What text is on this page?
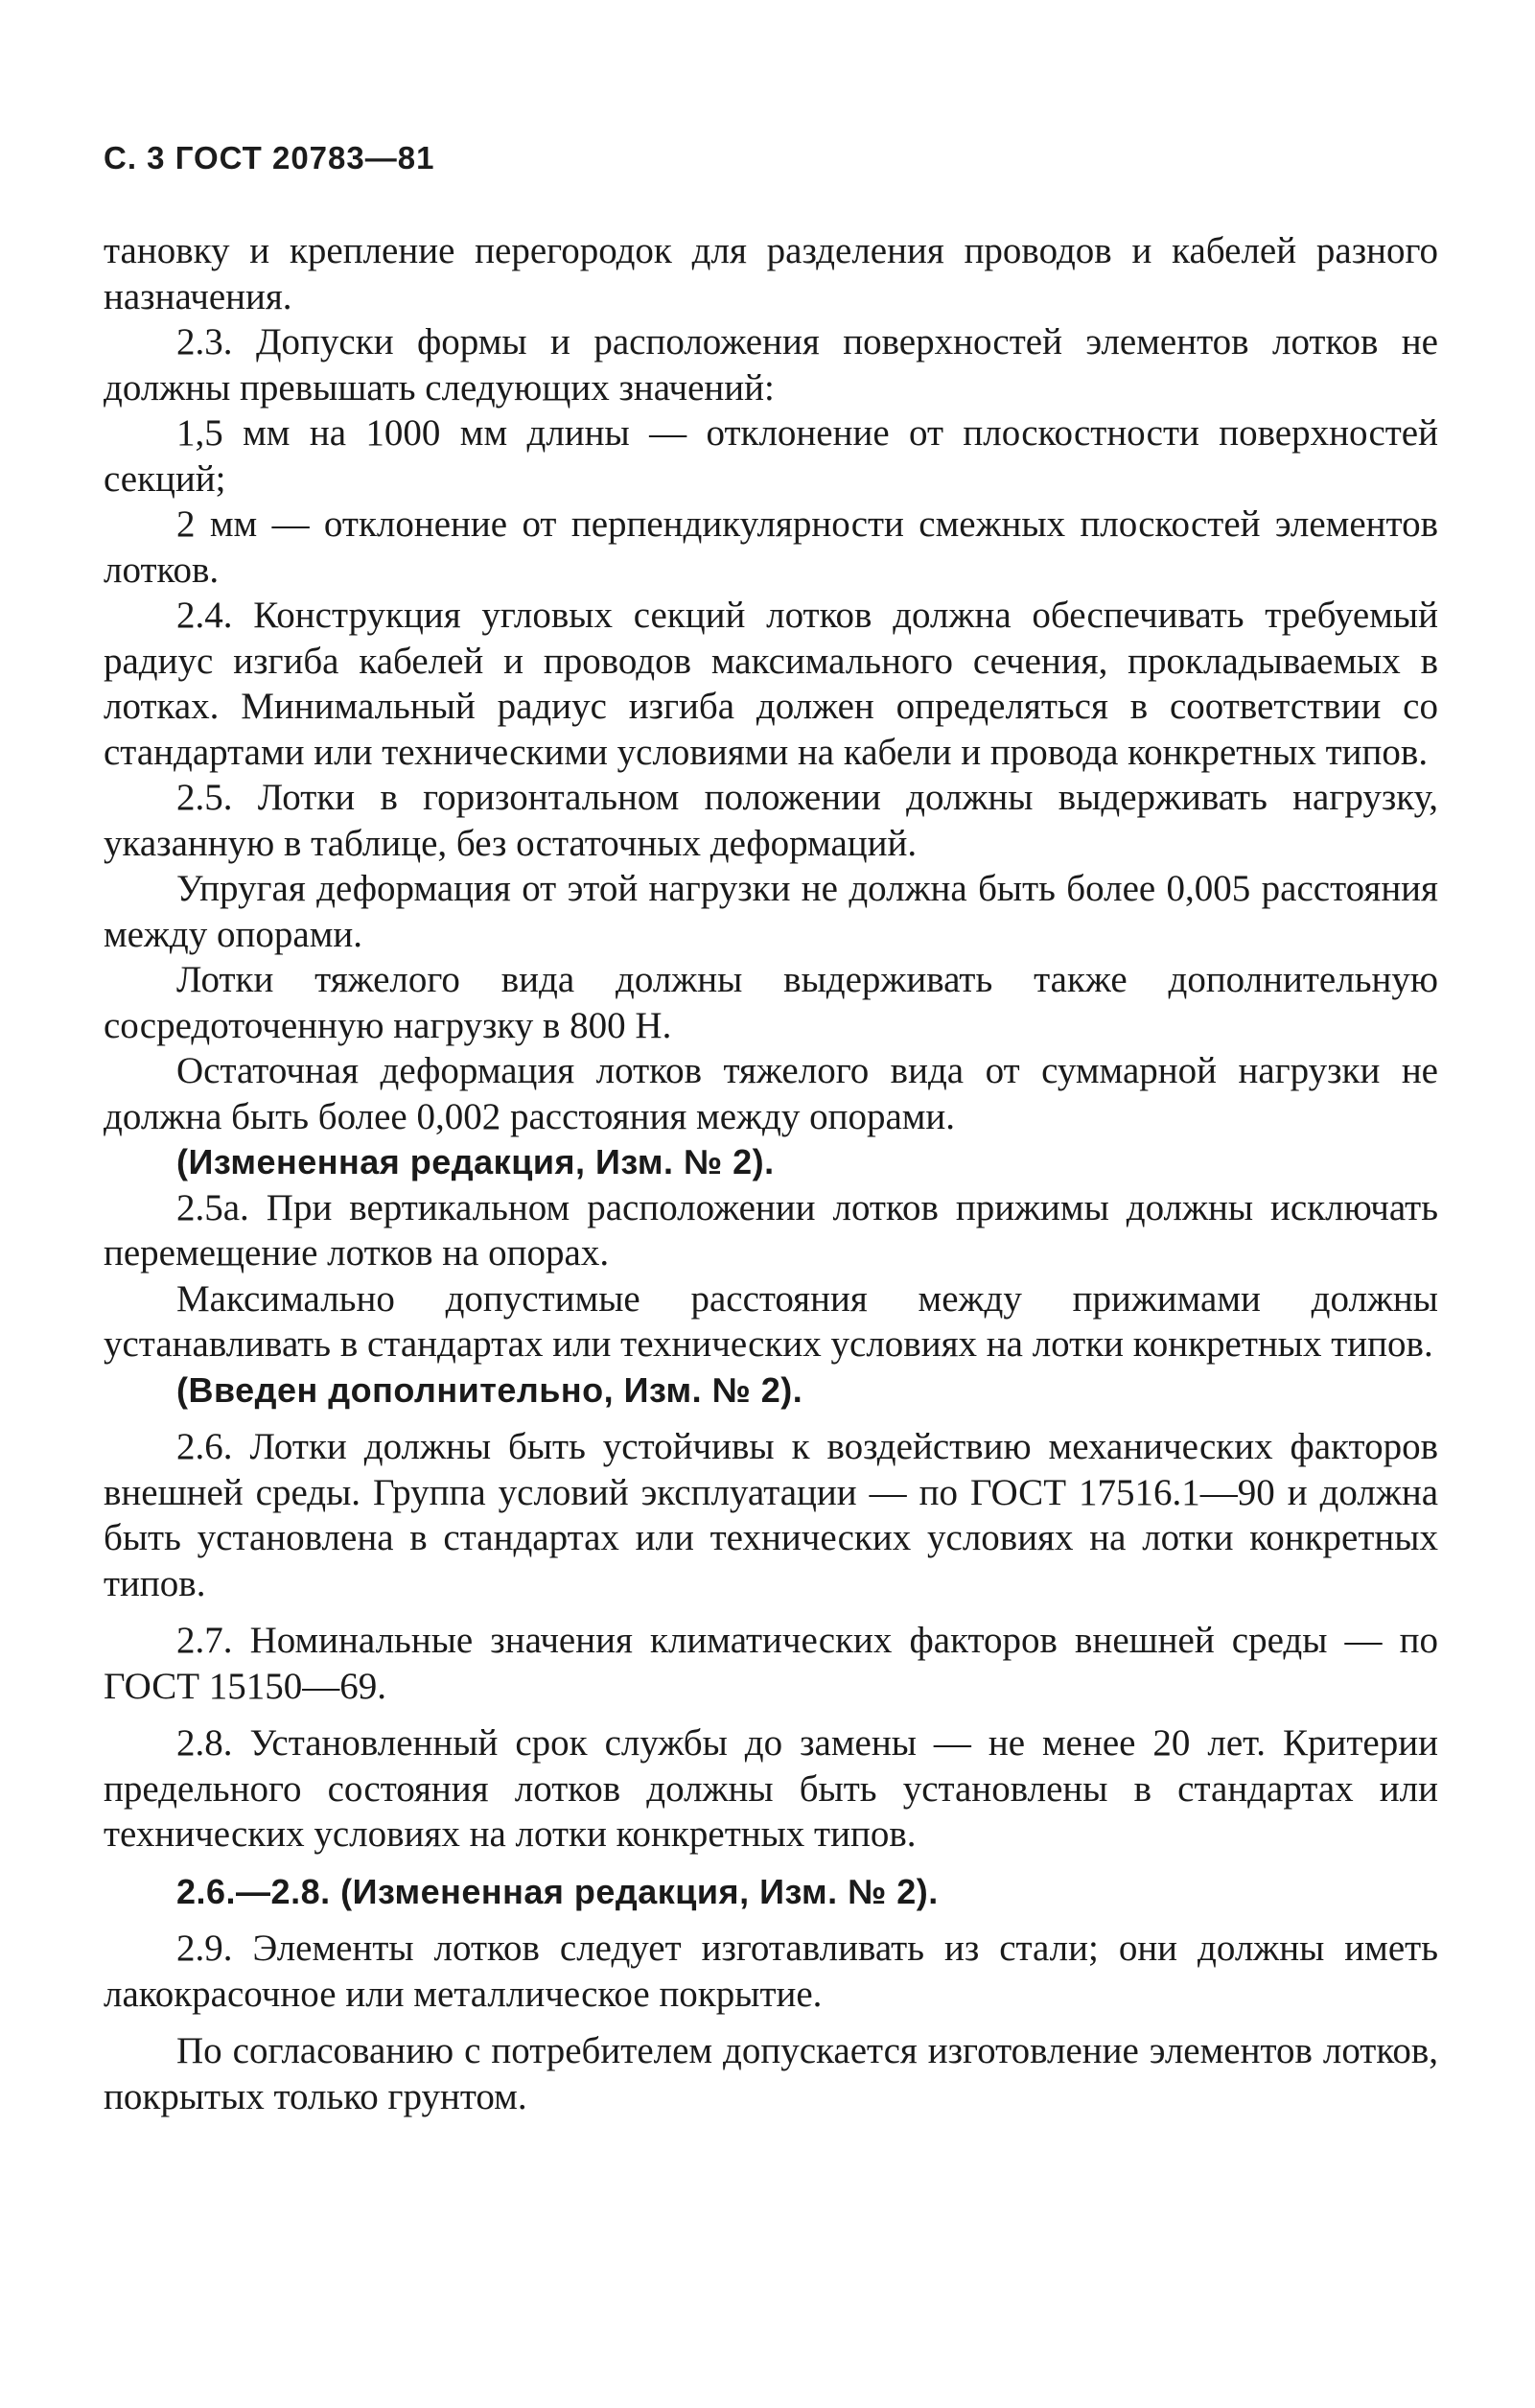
С. 3 ГОСТ 20783—81

тановку и крепление перегородок для разделения проводов и кабелей разного назначения.

2.3. Допуски формы и расположения поверхностей элементов лотков не должны превышать следующих значений:

1,5 мм на 1000 мм длины — отклонение от плоскостности поверхностей секций;

2 мм — отклонение от перпендикулярности смежных плоскостей элементов лотков.

2.4. Конструкция угловых секций лотков должна обеспечивать требуемый радиус изгиба кабелей и проводов максимального сечения, прокладываемых в лотках. Минимальный радиус изгиба должен определяться в соответствии со стандартами или техническими условиями на кабели и провода конкретных типов.

2.5. Лотки в горизонтальном положении должны выдерживать нагрузку, указанную в таблице, без остаточных деформаций.

Упругая деформация от этой нагрузки не должна быть более 0,005 расстояния между опорами.

Лотки тяжелого вида должны выдерживать также дополнительную сосредоточенную нагрузку в 800 Н.

Остаточная деформация лотков тяжелого вида от суммарной нагрузки не должна быть более 0,002 расстояния между опорами.

(Измененная редакция, Изм. № 2).

2.5а. При вертикальном расположении лотков прижимы должны исключать перемещение лотков на опорах.

Максимально допустимые расстояния между прижимами должны устанавливать в стандартах или технических условиях на лотки конкретных типов.

(Введен дополнительно, Изм. № 2).

2.6. Лотки должны быть устойчивы к воздействию механических факторов внешней среды. Группа условий эксплуатации — по ГОСТ 17516.1—90 и должна быть установлена в стандартах или технических условиях на лотки конкретных типов.

2.7. Номинальные значения климатических факторов внешней среды — по ГОСТ 15150—69.

2.8. Установленный срок службы до замены — не менее 20 лет. Критерии предельного состояния лотков должны быть установлены в стандартах или технических условиях на лотки конкретных типов.

2.6.—2.8. (Измененная редакция, Изм. № 2).

2.9. Элементы лотков следует изготавливать из стали; они должны иметь лакокрасочное или металлическое покрытие.

По согласованию с потребителем допускается изготовление элементов лотков, покрытых только грунтом.
